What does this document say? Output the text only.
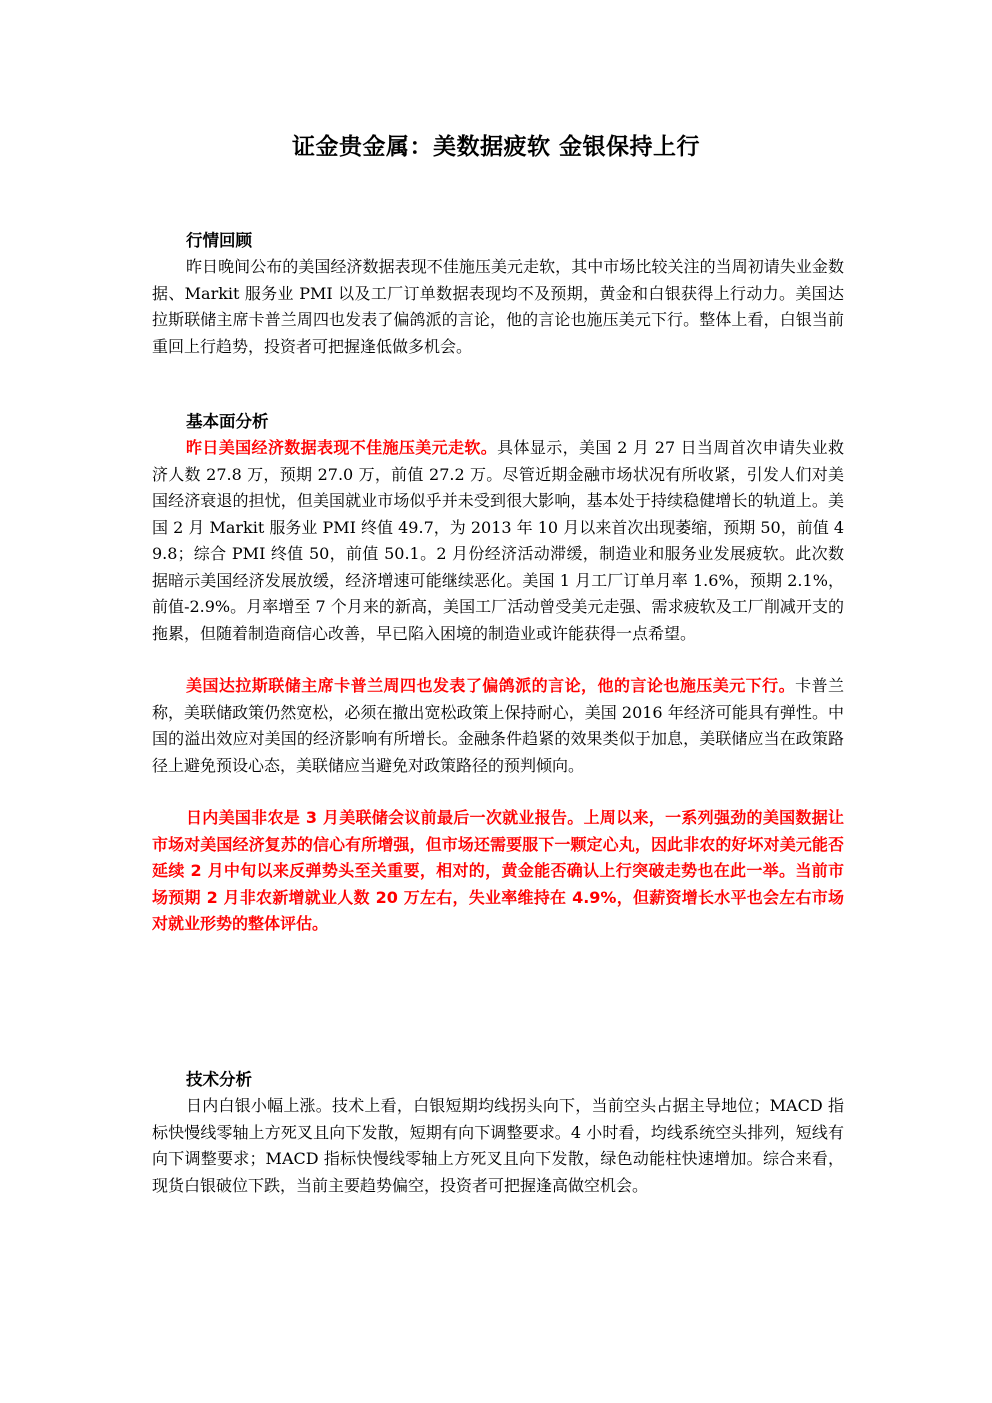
证金贵金属：美数据疲软 金银保持上行
行情回顾

昨日晚间公布的美国经济数据表现不佳施压美元走软，其中市场比较关注的当周初请失业金数据、Markit 服务业 PMI 以及工厂订单数据表现均不及预期，黄金和白银获得上行动力。美国达拉斯联储主席卡普兰周四也发表了偏鸽派的言论，他的言论也施压美元下行。整体上看，白银当前重回上行趋势，投资者可把握逢低做多机会。

基本面分析

昨日美国经济数据表现不佳施压美元走软。具体显示，美国 2 月 27 日当周首次申请失业救济人数 27.8 万，预期 27.0 万，前值 27.2 万。尽管近期金融市场状况有所收紧，引发人们对美国经济衰退的担忧，但美国就业市场似乎并未受到很大影响，基本处于持续稳健增长的轨道上。美国 2 月 Markit 服务业 PMI 终值 49.7，为 2013 年 10 月以来首次出现萎缩，预期 50，前值 49.8；综合 PMI 终值 50，前值 50.1。2 月份经济活动滞缓，制造业和服务业发展疲软。此次数据暗示美国经济发展放缓，经济增速可能继续恶化。美国 1 月工厂订单月率 1.6%，预期 2.1%，前值-2.9%。月率增至 7 个月来的新高，美国工厂活动曾受美元走强、需求疲软及工厂削减开支的拖累，但随着制造商信心改善，早已陷入困境的制造业或许能获得一点希望。

美国达拉斯联储主席卡普兰周四也发表了偏鸽派的言论，他的言论也施压美元下行。卡普兰称，美联储政策仍然宽松，必须在撤出宽松政策上保持耐心，美国 2016 年经济可能具有弹性。中国的溢出效应对美国的经济影响有所增长。金融条件趋紧的效果类似于加息，美联储应当在政策路径上避免预设心态，美联储应当避免对政策路径的预判倾向。

日内美国非农是 3 月美联储会议前最后一次就业报告。上周以来，一系列强劲的美国数据让市场对美国经济复苏的信心有所增强，但市场还需要服下一颗定心丸，因此非农的好坏对美元能否延续 2 月中旬以来反弹势头至关重要，相对的，黄金能否确认上行突破走势也在此一举。当前市场预期 2 月非农新增就业人数 20 万左右，失业率维持在 4.9%，但薪资增长水平也会左右市场对就业形势的整体评估。

技术分析

日内白银小幅上涨。技术上看，白银短期均线拐头向下，当前空头占据主导地位；MACD 指标快慢线零轴上方死叉且向下发散，短期有向下调整要求。4 小时看，均线系统空头排列，短线有向下调整要求；MACD 指标快慢线零轴上方死叉且向下发散，绿色动能柱快速增加。综合来看，现货白银破位下跌，当前主要趋势偏空，投资者可把握逢高做空机会。
